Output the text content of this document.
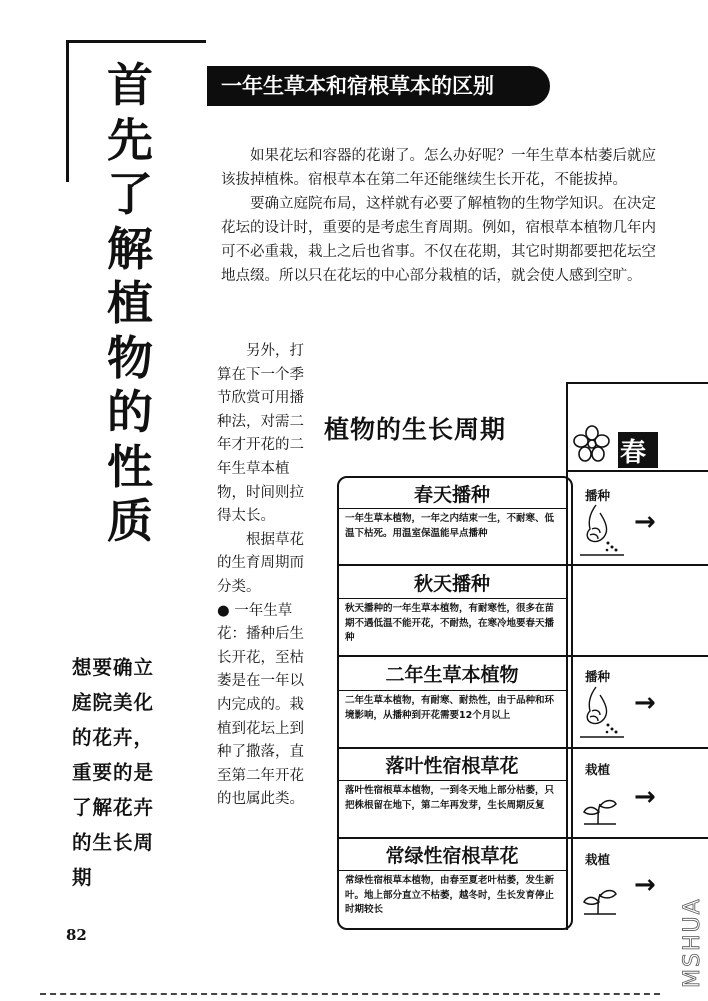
首
先
了
解
植
物
的
性
质
一年生草本和宿根草本的区别

如果花坛和容器的花谢了。怎么办好呢？一年生草本枯萎后就应该拔掉植株。宿根草本在第二年还能继续生长开花，不能拔掉。

要确立庭院布局，这样就有必要了解植物的生物学知识。在决定花坛的设计时，重要的是考虑生育周期。例如，宿根草本植物几年内可不必重栽，栽上之后也省事。不仅在花期，其它时期都要把花坛空地点缀。所以只在花坛的中心部分栽植的话，就会使人感到空旷。

另外，打算在下一个季节欣赏可用播种法，对需二年才开花的二年生草本植物，时间则拉得太长。

根据草花的生育周期而分类。

● 一年生草花：播种后生长开花，至枯萎是在一年以内完成的。栽植到花坛上到种了撒落，直至第二年开花的也属此类。

想要确立
庭院美化
的花卉，
重要的是
了解花卉
的生长周
期
植物的生长周期
春
春天播种
一年生草本植物，一年之内结束一生，不耐寒、低温下枯死。用温室保温能早点播种
秋天播种
秋天播种的一年生草本植物，有耐寒性，很多在苗期不遇低温不能开花，不耐热，在寒冷地要春天播种
二年生草本植物
二年生草本植物，有耐寒、耐热性，由于品种和环境影响，从播种到开花需要12个月以上
落叶性宿根草花
落叶性宿根草本植物，一到冬天地上部分枯萎，只把株根留在地下，第二年再发芽，生长周期反复
常绿性宿根草花
常绿性宿根草本植物，由春至夏老叶枯萎，发生新叶。地上部分直立不枯萎，越冬时，生长发育停止时期较长
播种
播种
栽植
栽植
→
→
→
→
82	MSHUA
